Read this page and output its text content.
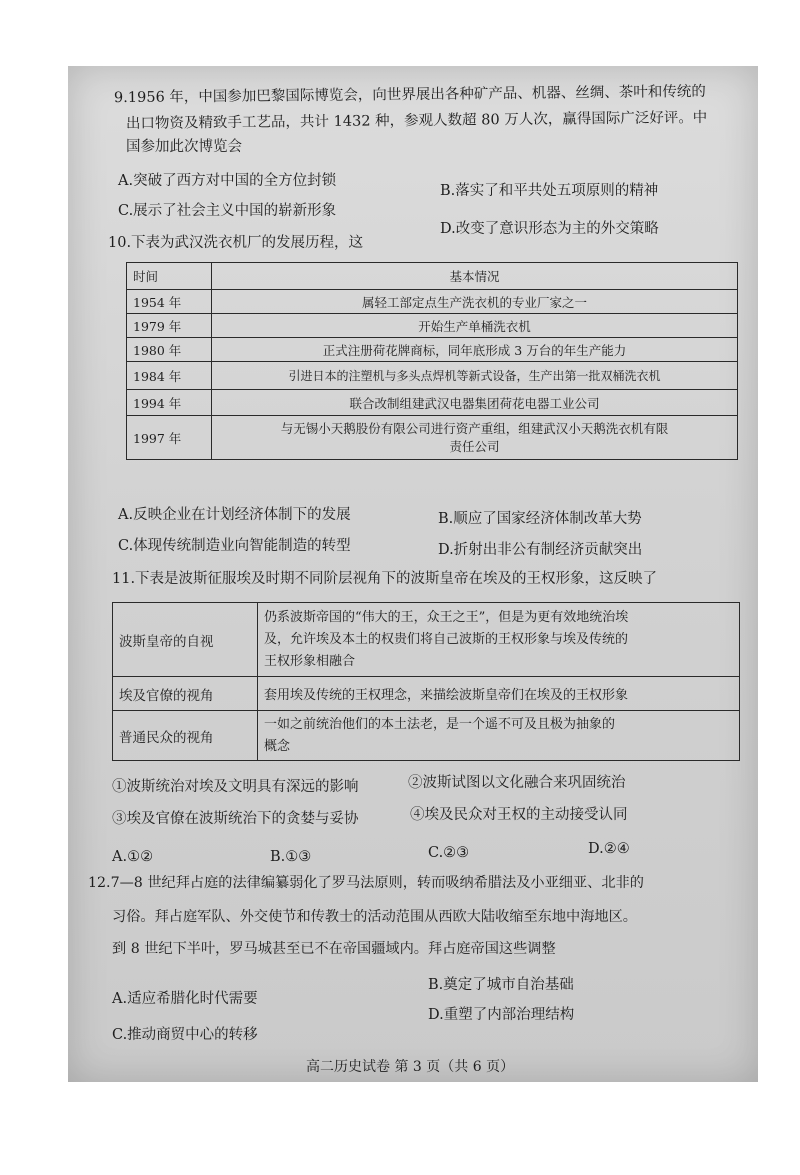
9.1956 年，中国参加巴黎国际博览会，向世界展出各种矿产品、机器、丝绸、茶叶和传统的
出口物资及精致手工艺品，共计 1432 种，参观人数超 80 万人次，赢得国际广泛好评。中
国参加此次博览会
A.突破了西方对中国的全方位封锁
B.落实了和平共处五项原则的精神
C.展示了社会主义中国的崭新形象
D.改变了意识形态为主的外交策略
10.下表为武汉洗衣机厂的发展历程，这
时间	基本情况
1954 年	属轻工部定点生产洗衣机的专业厂家之一
1979 年	开始生产单桶洗衣机
1980 年	正式注册荷花牌商标，同年底形成 3 万台的年生产能力
1984 年	引进日本的注塑机与多头点焊机等新式设备，生产出第一批双桶洗衣机
1994 年	联合改制组建武汉电器集团荷花电器工业公司
1997 年	与无锡小天鹅股份有限公司进行资产重组，组建武汉小天鹅洗衣机有限
责任公司
A.反映企业在计划经济体制下的发展	B.顺应了国家经济体制改革大势
C.体现传统制造业向智能制造的转型	D.折射出非公有制经济贡献突出
11.下表是波斯征服埃及时期不同阶层视角下的波斯皇帝在埃及的王权形象，这反映了
波斯皇帝的自视	仍系波斯帝国的“伟大的王，众王之王”，但是为更有效地统治埃
及，允许埃及本土的权贵们将自己波斯的王权形象与埃及传统的
王权形象相融合

埃及官僚的视角	套用埃及传统的王权理念，来描绘波斯皇帝们在埃及的王权形象

普通民众的视角	一如之前统治他们的本土法老，是一个遥不可及且极为抽象的
概念
①波斯统治对埃及文明具有深远的影响	②波斯试图以文化融合来巩固统治
③埃及官僚在波斯统治下的贪婪与妥协	④埃及民众对王权的主动接受认同
A.①②	B.①③	C.②③	D.②④
12.7—8 世纪拜占庭的法律编纂弱化了罗马法原则，转而吸纳希腊法及小亚细亚、北非的
习俗。拜占庭军队、外交使节和传教士的活动范围从西欧大陆收缩至东地中海地区。
到 8 世纪下半叶，罗马城甚至已不在帝国疆域内。拜占庭帝国这些调整
A.适应希腊化时代需要
B.奠定了城市自治基础
C.推动商贸中心的转移
D.重塑了内部治理结构
高二历史试卷 第 3 页（共 6 页）
